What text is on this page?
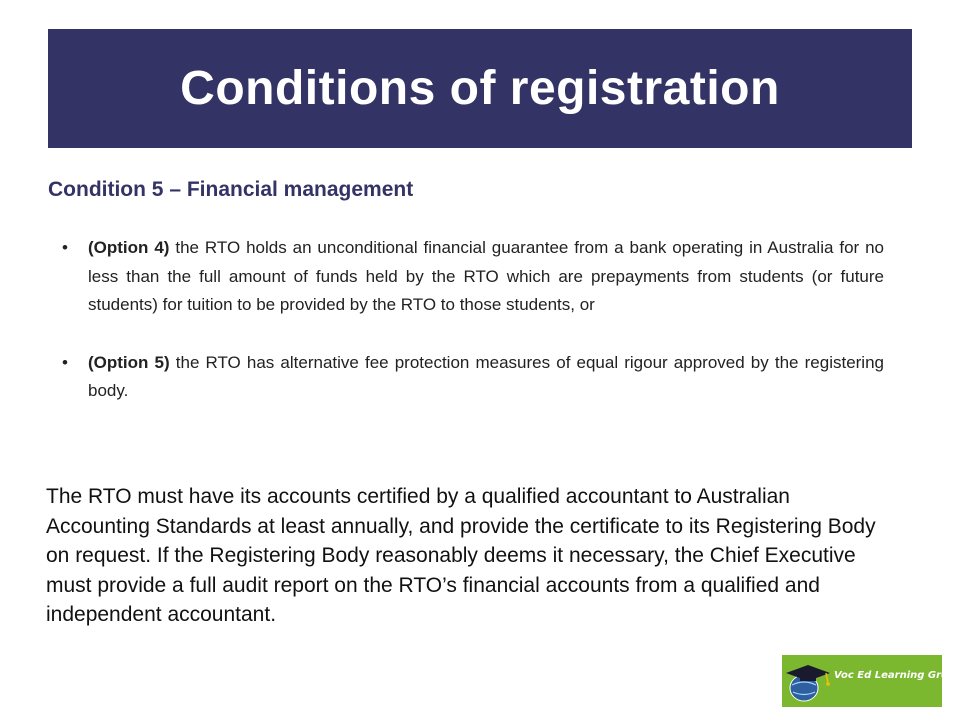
Conditions of registration
Condition 5 – Financial management
• (Option 4) the RTO holds an unconditional financial guarantee from a bank operating in Australia for no less than the full amount of funds held by the RTO which are prepayments from students (or future students) for tuition to be provided by the RTO to those students, or
• (Option 5) the RTO has alternative fee protection measures of equal rigour approved by the registering body.

The RTO must have its accounts certified by a qualified accountant to Australian Accounting Standards at least annually, and provide the certificate to its Registering Body on request. If the Registering Body reasonably deems it necessary, the Chief Executive must provide a full audit report on the RTO’s financial accounts from a qualified and independent accountant.

Voc Ed Learning Group
